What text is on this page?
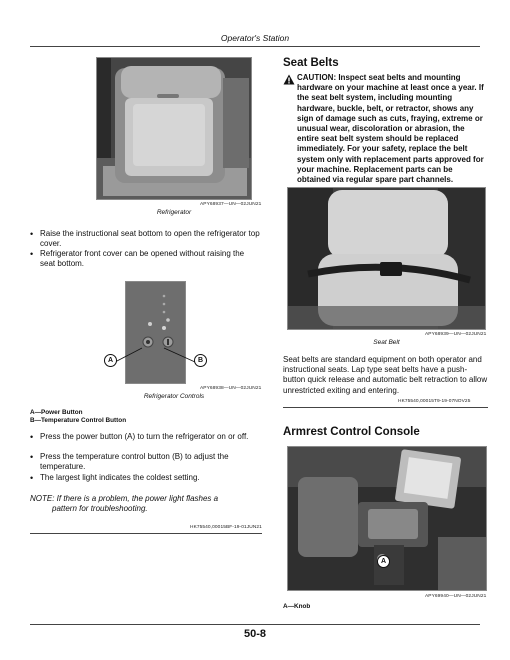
Operator's Station
APY68937—UN—02JUN21
Refrigerator
• Raise the instructional seat bottom to open the refrigerator top cover.
• Refrigerator front cover can be opened without raising the seat bottom.
A	B
APY68938—UN—02JUN21
Refrigerator Controls
A—Power Button
B—Temperature Control Button
• Press the power button (A) to turn the refrigerator on or off.
• Press the temperature control button (B) to adjust the temperature.
• The largest light indicates the coldest setting.
NOTE: If there is a problem, the power light flashes a
pattern for troubleshooting.
HK75540,00015BF-19-01JUN21
Seat Belts
CAUTION: Inspect seat belts and mounting hardware on your machine at least once a year. If the seat belt system, including mounting hardware, buckle, belt, or retractor, shows any sign of damage such as cuts, fraying, extreme or unusual wear, discoloration or abrasion, the entire seat belt system should be replaced immediately. For your safety, replace the belt system only with replacement parts approved for your machine. Replacement parts can be obtained via regular spare part channels.
APY68939—UN—02JUN21
Seat Belt
Seat belts are standard equipment on both operator and instructional seats. Lap type seat belts have a push-button quick release and automatic belt retraction to allow unrestricted exiting and entering.
HK75540,00015T9-19-07NOV25
Armrest Control Console
A
APY69940—UN—02JUN21
A—Knob
50-8
